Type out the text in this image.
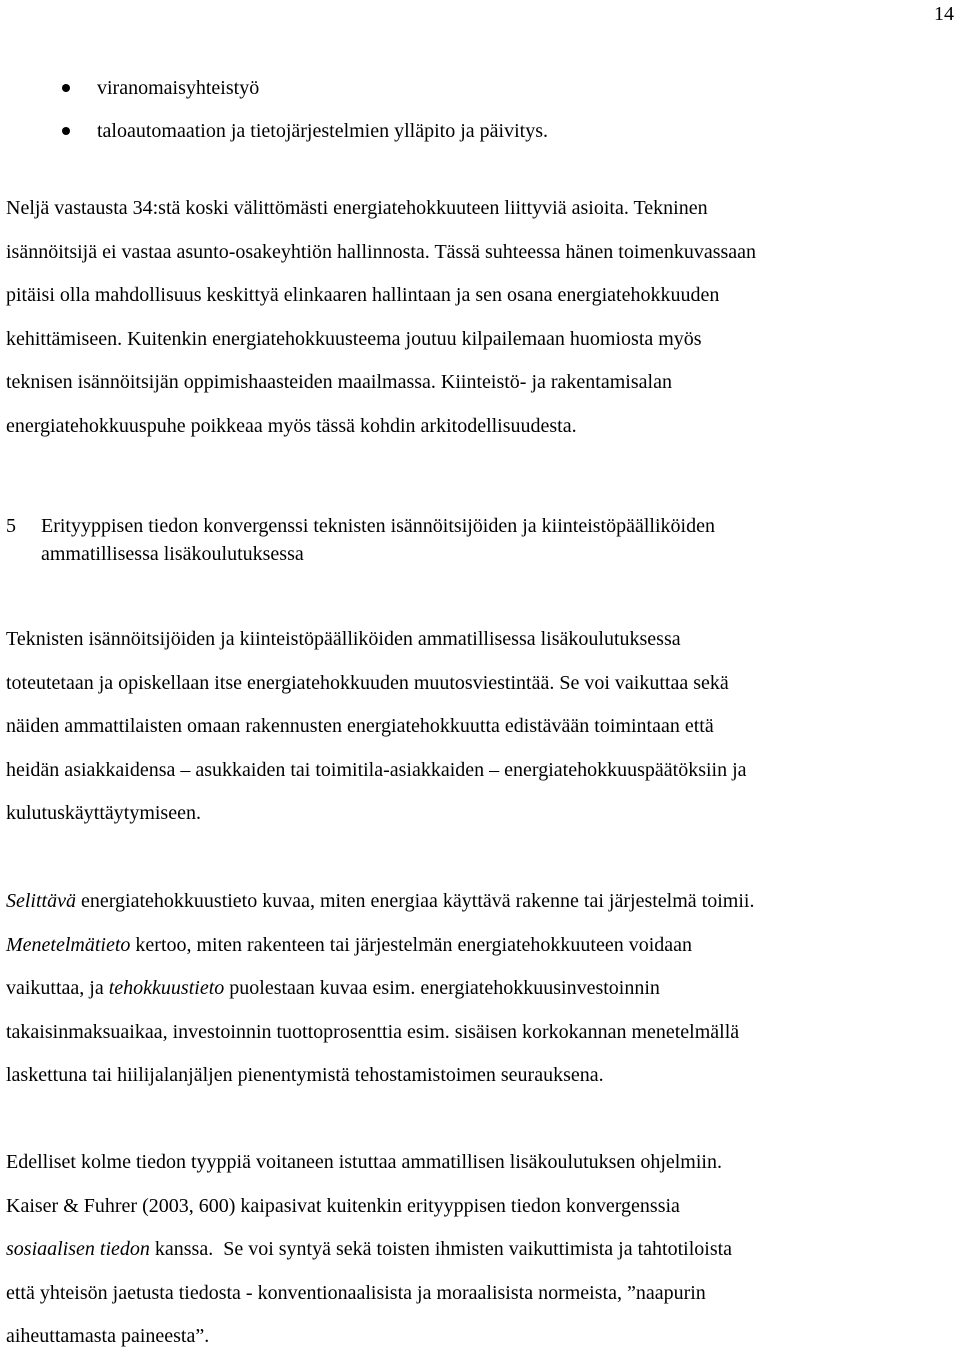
14
viranomaisyhteistyö
taloautomaation ja tietojärjestelmien ylläpito ja päivitys.

Neljä vastausta 34:stä koski välittömästi energiatehokkuuteen liittyviä asioita. Tekninen
isännöitsijä ei vastaa asunto-osakeyhtiön hallinnosta. Tässä suhteessa hänen toimenkuvassaan
pitäisi olla mahdollisuus keskittyä elinkaaren hallintaan ja sen osana energiatehokkuuden
kehittämiseen. Kuitenkin energiatehokkuusteema joutuu kilpailemaan huomiosta myös
teknisen isännöitsijän oppimishaasteiden maailmassa. Kiinteistö- ja rakentamisalan
energiatehokkuuspuhe poikkeaa myös tässä kohdin arkitodellisuudesta.

5 Erityyppisen tiedon konvergenssi teknisten isännöitsijöiden ja kiinteistöpäälliköiden
ammatillisessa lisäkoulutuksessa

Teknisten isännöitsijöiden ja kiinteistöpäälliköiden ammatillisessa lisäkoulutuksessa
toteutetaan ja opiskellaan itse energiatehokkuuden muutosviestintää. Se voi vaikuttaa sekä
näiden ammattilaisten omaan rakennusten energiatehokkuutta edistävään toimintaan että
heidän asiakkaidensa – asukkaiden tai toimitila-asiakkaiden – energiatehokkuuspäätöksiin ja
kulutuskäyttäytymiseen.

Selittävä energiatehokkuustieto kuvaa, miten energiaa käyttävä rakenne tai järjestelmä toimii.
Menetelmätieto kertoo, miten rakenteen tai järjestelmän energiatehokkuuteen voidaan
vaikuttaa, ja tehokkuustieto puolestaan kuvaa esim. energiatehokkuusinvestoinnin
takaisinmaksuaikaa, investoinnin tuottoprosenttia esim. sisäisen korkokannan menetelmällä
laskettuna tai hiilijalanjäljen pienentymistä tehostamistoimen seurauksena.

Edelliset kolme tiedon tyyppiä voitaneen istuttaa ammatillisen lisäkoulutuksen ohjelmiin.
Kaiser & Fuhrer (2003, 600) kaipasivat kuitenkin erityyppisen tiedon konvergenssia
sosiaalisen tiedon kanssa.  Se voi syntyä sekä toisten ihmisten vaikuttimista ja tahtotiloista
että yhteisön jaetusta tiedosta - konventionaalisista ja moraalisista normeista, ”naapurin
aiheuttamasta paineesta”.
